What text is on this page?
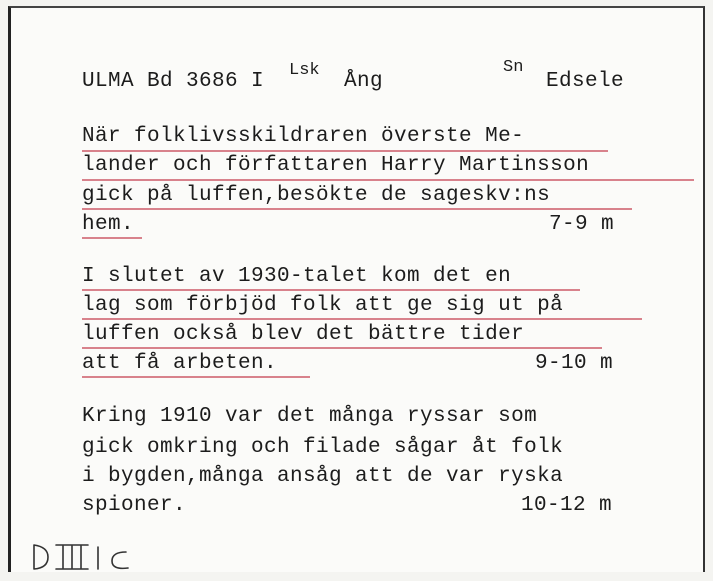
ULMA Bd 3686 I Lsk Ång
Sn
Edsele
När folklivsskildraren överste Me-
lander och författaren Harry Martinsson
gick på luffen,besökte de sageskv:ns
hem.	7-9 m
I slutet av 1930-talet kom det en
lag som förbjöd folk att ge sig ut på
luffen också blev det bättre tider
att få arbeten.	9-10 m
Kring 1910 var det många ryssar som
gick omkring och filade sågar åt folk
i bygden,många ansåg att de var ryska
spioner.	10-12 m
